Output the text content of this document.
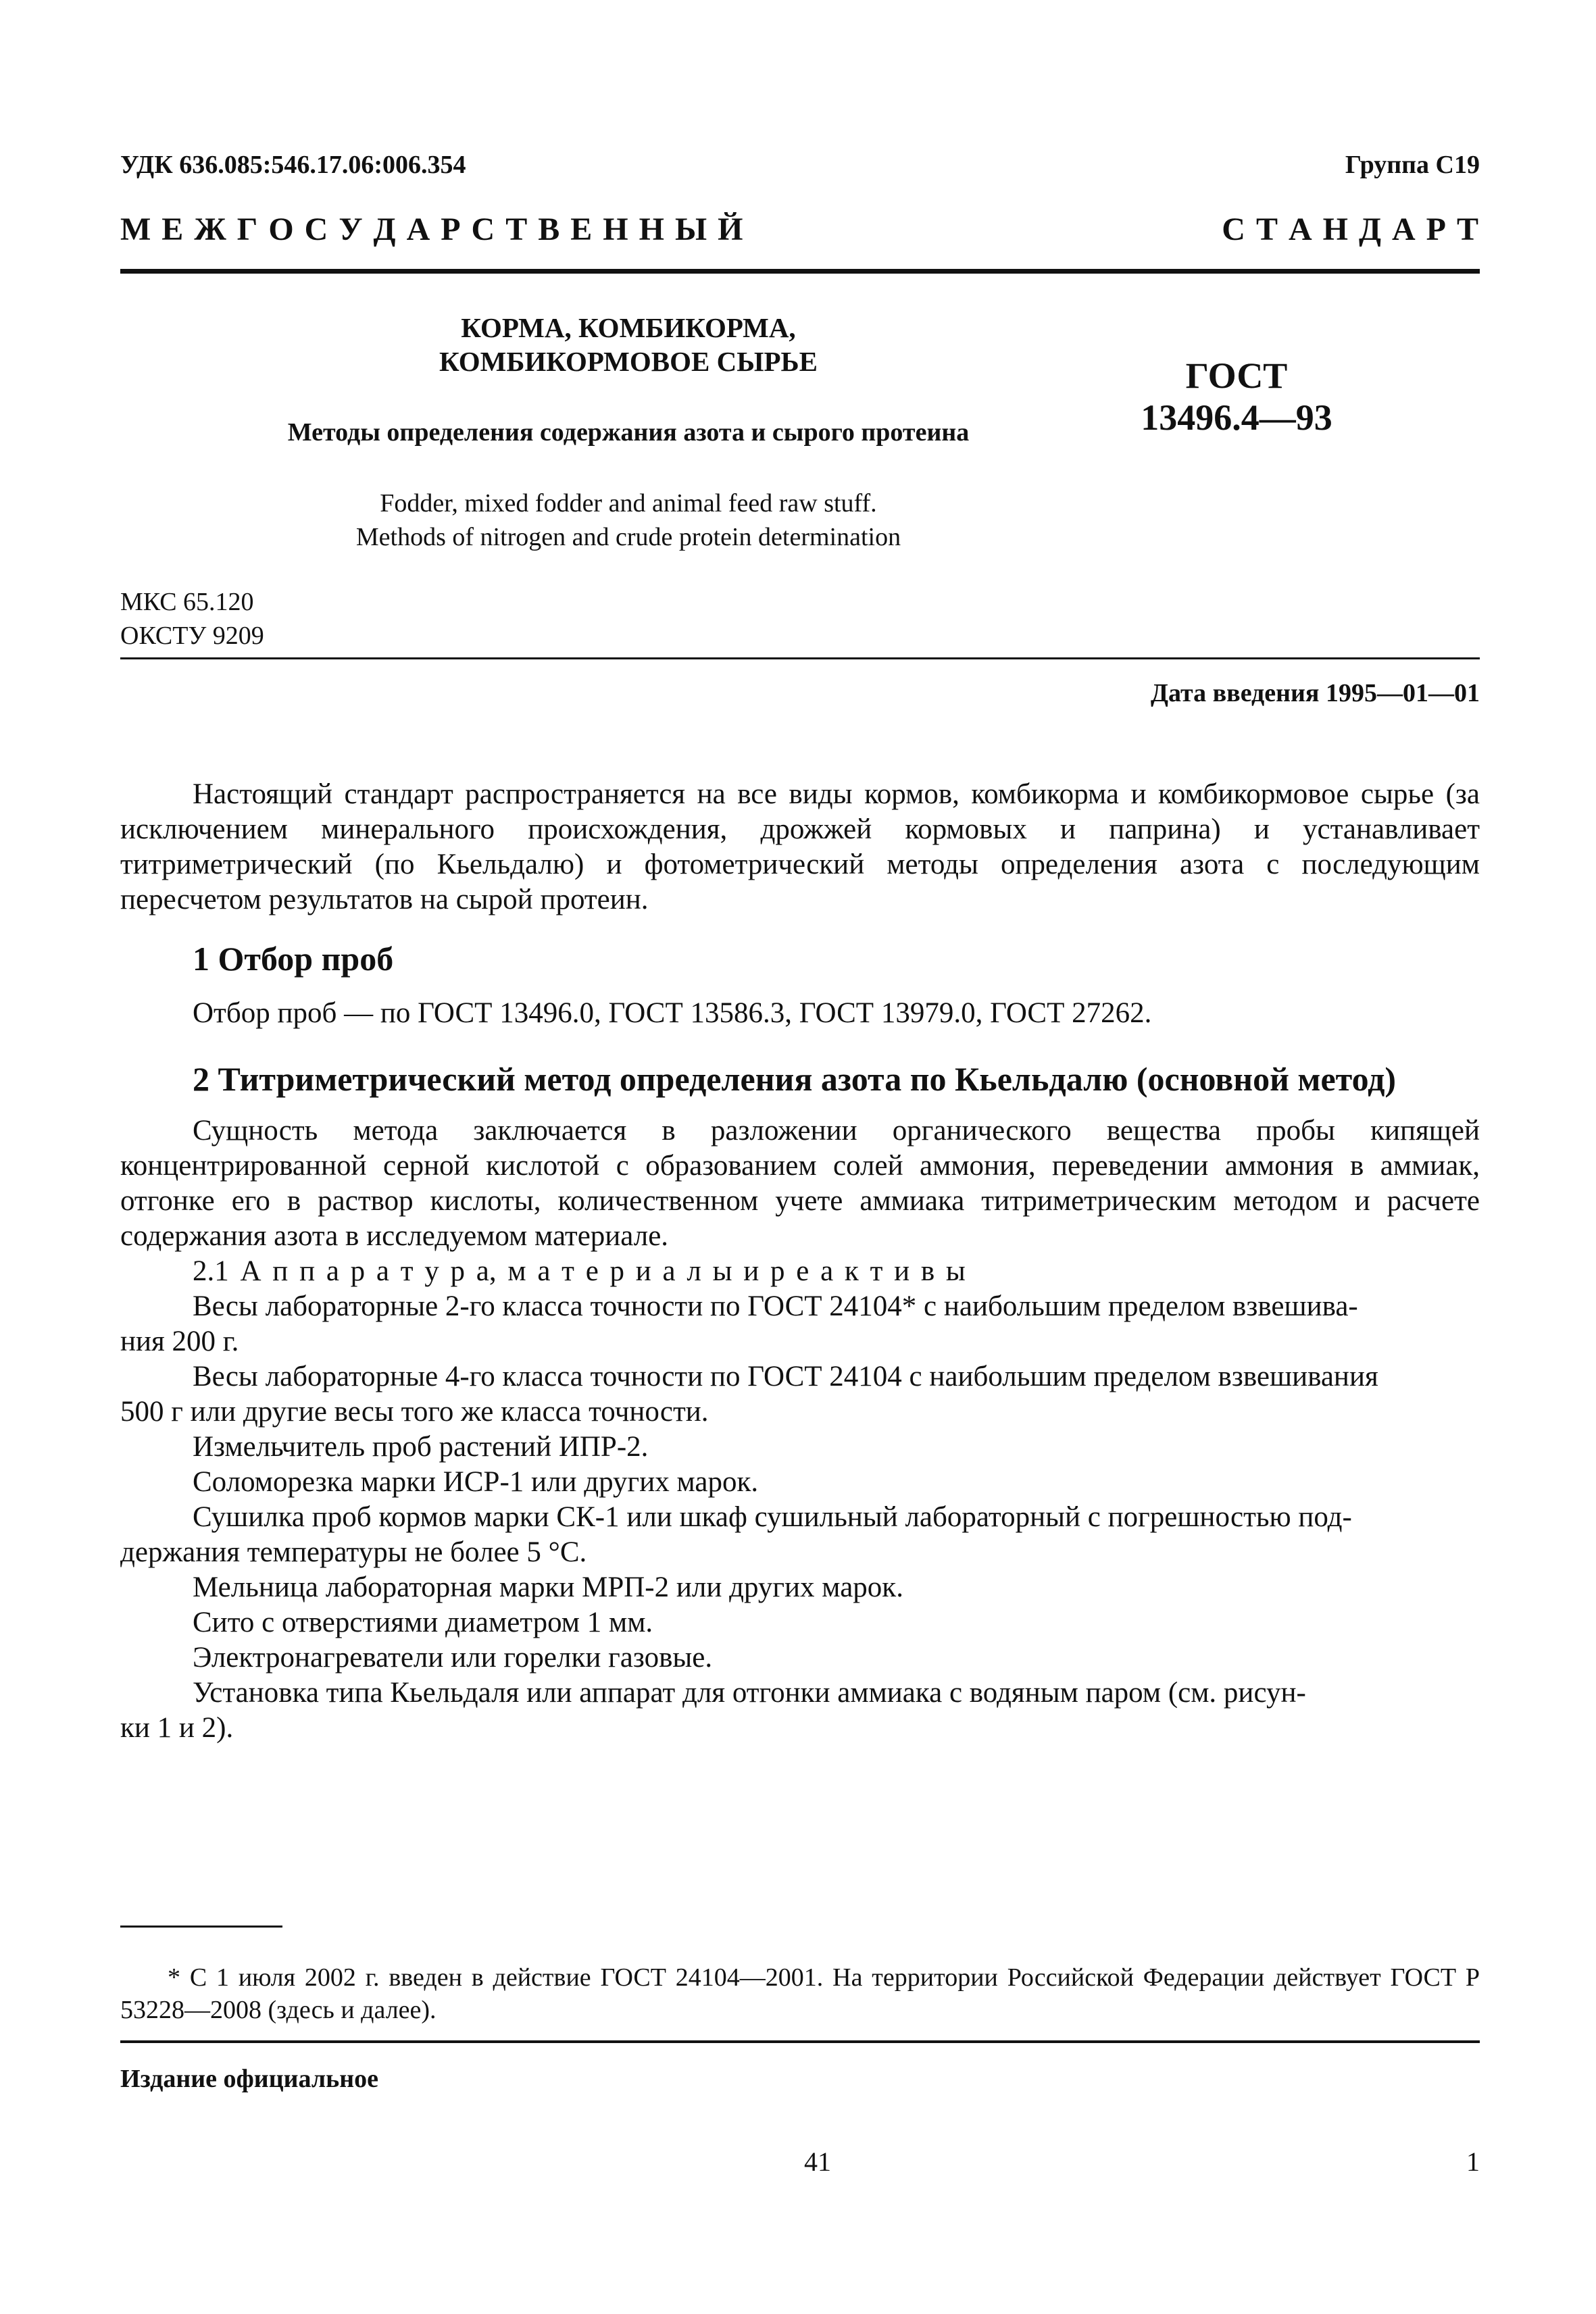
УДК 636.085:546.17.06:006.354	Группа С19
М Е Ж Г О С У Д А Р С Т В Е Н Н Ы Й	С Т А Н Д А Р Т
КОРМА, КОМБИКОРМА,
КОМБИКОРМОВОЕ СЫРЬЕ
Методы определения содержания азота и сырого протеина
Fodder, mixed fodder and animal feed raw stuff.
Methods of nitrogen and crude protein determination
ГОСТ
13496.4—93
МКС 65.120
ОКСТУ 9209
Дата введения 1995—01—01
Настоящий стандарт распространяется на все виды кормов, комбикорма и комбикормовое сырье (за исключением минерального происхождения, дрожжей кормовых и паприна) и устанавливает титриметрический (по Кьельдалю) и фотометрический методы определения азота с последующим пересчетом результатов на сырой протеин.
1 Отбор проб
Отбор проб — по ГОСТ 13496.0, ГОСТ 13586.3, ГОСТ 13979.0, ГОСТ 27262.
2 Титриметрический метод определения азота по Кьельдалю (основной метод)
Сущность метода заключается в разложении органического вещества пробы кипящей концентрированной серной кислотой с образованием солей аммония, переведении аммония в аммиак, отгонке его в раствор кислоты, количественном учете аммиака титриметрическим методом и расчете содержания азота в исследуемом материале.
2.1 А п п а р а т у р а, м а т е р и а л ы и р е а к т и в ы
Весы лабораторные 2-го класса точности по ГОСТ 24104* с наибольшим пределом взвешива-
ния 200 г.
Весы лабораторные 4-го класса точности по ГОСТ 24104 с наибольшим пределом взвешивания
500 г или другие весы того же класса точности.
Измельчитель проб растений ИПР-2.
Соломорезка марки ИСР-1 или других марок.
Сушилка проб кормов марки СК-1 или шкаф сушильный лабораторный с погрешностью под-
держания температуры не более 5 °С.
Мельница лабораторная марки МРП-2 или других марок.
Сито с отверстиями диаметром 1 мм.
Электронагреватели или горелки газовые.
Установка типа Кьельдаля или аппарат для отгонки аммиака с водяным паром (см. рисун-
ки 1 и 2).
* С 1 июля 2002 г. введен в действие ГОСТ 24104—2001. На территории Российской Федерации действует ГОСТ Р 53228—2008 (здесь и далее).
Издание официальное
41	1
